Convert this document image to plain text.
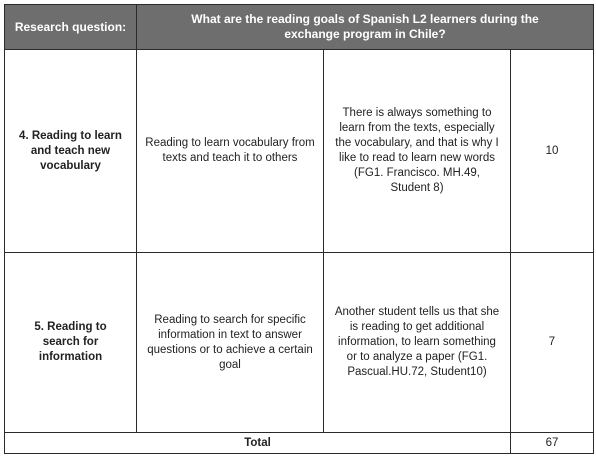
Research question:	What are the reading goals of Spanish L2 learners during the exchange program in Chile?		

4. Reading to learn and teach new vocabulary	Reading to learn vocabulary from texts and teach it to others	There is always something to learn from the texts, especially the vocabulary, and that is why I like to read to learn new words (FG1. Francisco. MH.49, Student 8)	10

5. Reading to search for information	Reading to search for specific information in text to answer questions or to achieve a certain goal	Another student tells us that she is reading to get additional information, to learn something or to analyze a paper (FG1. Pascual.HU.72, Student10)	7

Total			67
